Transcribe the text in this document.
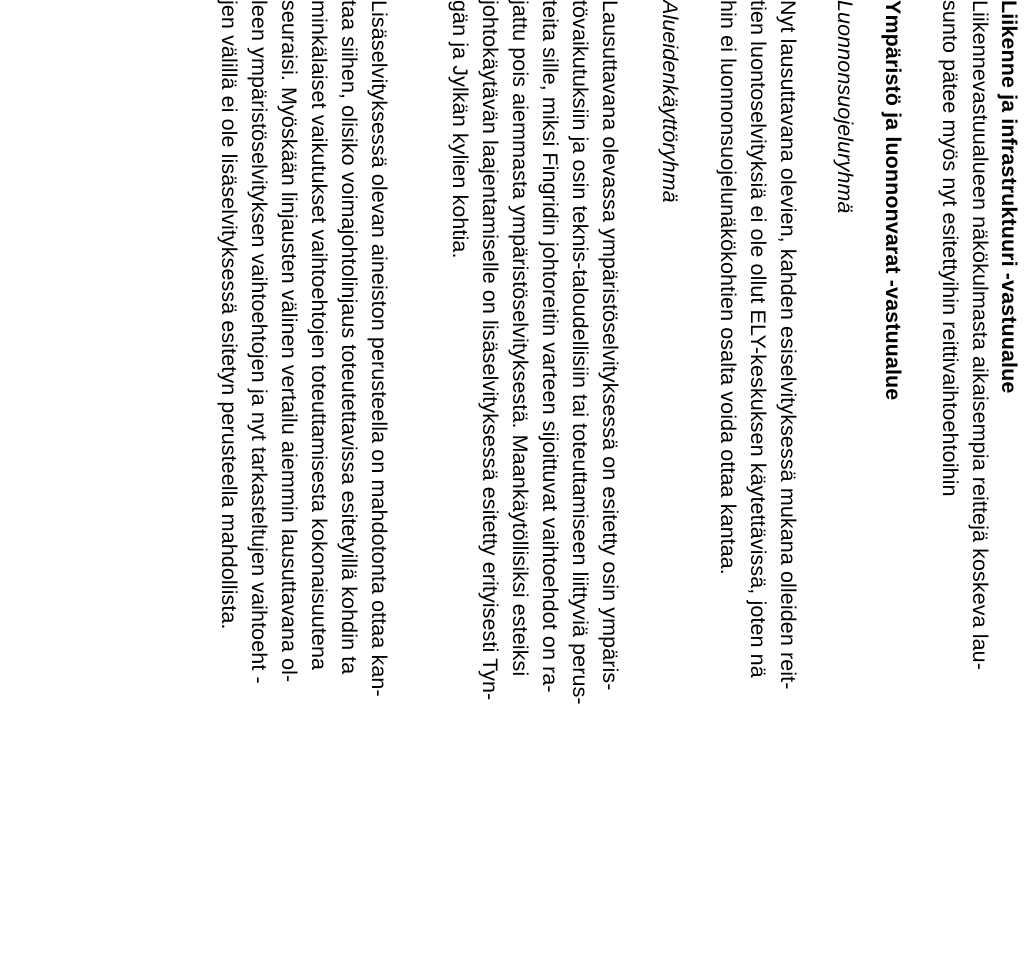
Liikenne ja infrastruktuuri -vastuualue
Liikennevastuualueen näkökulmasta aikaisempia reittejä koskeva lau-
sunto pätee myös nyt esitettyihin reittivaihtoehtoihin
Ympäristö ja luonnonvarat -vastuualue
Luonnonsuojeluryhmä
Nyt lausuttavana olevien, kahden esiselvityksessä mukana olleiden reit-
tien luontoselvityksiä ei ole ollut ELY-keskuksen käytettävissä, joten nä
hin ei luonnonsuojelunäkökohtien osalta voida ottaa kantaa.
Alueidenkäyttöryhmä
Lausuttavana olevassa ympäristöselvityksessä on esitetty osin ympäris-
tövaikutuksiin ja osin teknis-taloudellisiin tai toteuttamiseen liittyviä perus-
teita sille, miksi Fingridin johtoreitin varteen sijoittuvat vaihtoehdot on ra-
jattu pois aiemmasta ympäristöselvityksestä. Maankäytöllisiksi esteiksi
johtokäytävän laajentamiselle on lisäselvityksessä esitetty erityisesti Tyn-
gän ja Jylkän kylien kohtia.
Lisäselvityksessä olevan aineiston perusteella on mahdotonta ottaa kan-
taa siihen, olisiko voimajohtolinjaus toteutettavissa esitetyillä kohdin ta
minkälaiset vaikutukset vaihtoehtojen toteuttamisesta kokonaisuutena
seuraisi. Myöskään linjausten välinen vertailu aiemmin lausuttavana ol-
leen ympäristöselvityksen vaihtoehtojen ja nyt tarkasteltujen vaihtoeht -
jen välillä ei ole lisäselvityksessä esitetyn perusteella mahdollista.
